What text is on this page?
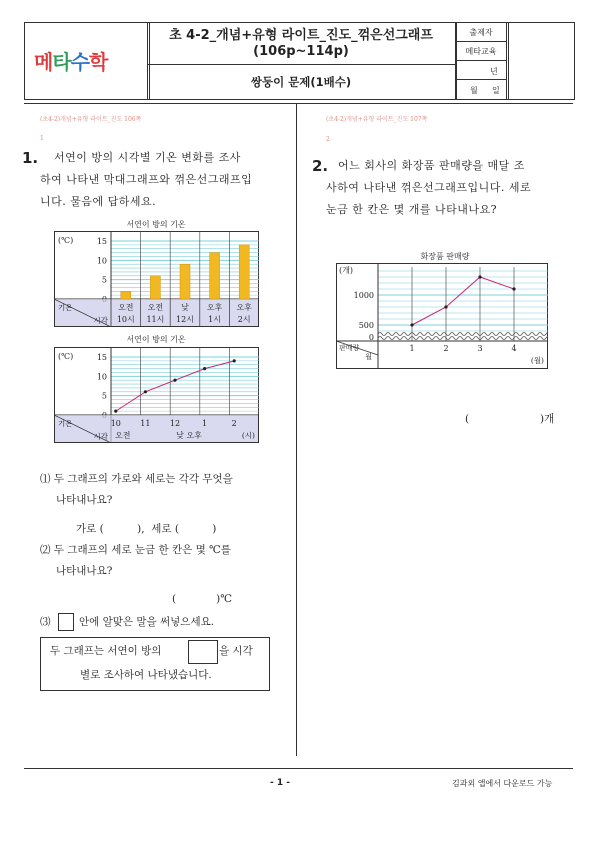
메타수학
초 4-2_개념+유형 라이트_진도_꺾은선그래프
(106p~114p)
쌍둥이 문제(1배수)
출제자
메타교육
년
월 일
(초4-2)개념+유형 라이트_진도 106쪽
1
1.	서연이 방의 시각별 기온 변화를 조사
하여 나타낸 막대그래프와 꺾은선그래프입
니다. 물음에 답하세요.
서연이 방의 기온
(℃)	15
10
5
기온
시각
오전
10시
오전
11시
낮
12시
오후
1시
오후
2시
서연이 방의 기온
(℃)	15
10
5
기온
시각
10 11 12	1	2
오전	낮 오후	(시)
⑴ 두 그래프의 가로와 세로는 각각 무엇을
나타내나요?
가로 (          ),  세로 (          )
⑵ 두 그래프의 세로 눈금 한 칸은 몇 ℃를
나타내나요?
(            )℃
⑶	안에 알맞은 말을 써넣으세요.
두 그래프는 서연이 방의	을 시각
별로 조사하여 나타냈습니다.
(초4-2)개념+유형 라이트_진도 107쪽
2
2. 어느 회사의 화장품 판매량을 매달 조
사하여 나타낸 꺾은선그래프입니다. 세로
눈금 한 칸은 몇 개를 나타내나요?
화장품 판매량
(개)
1000
500
0
판매량
월
1	2	3	4
(월)
(	)개
- 1 -	김과외 앱에서 다운로드 가능
